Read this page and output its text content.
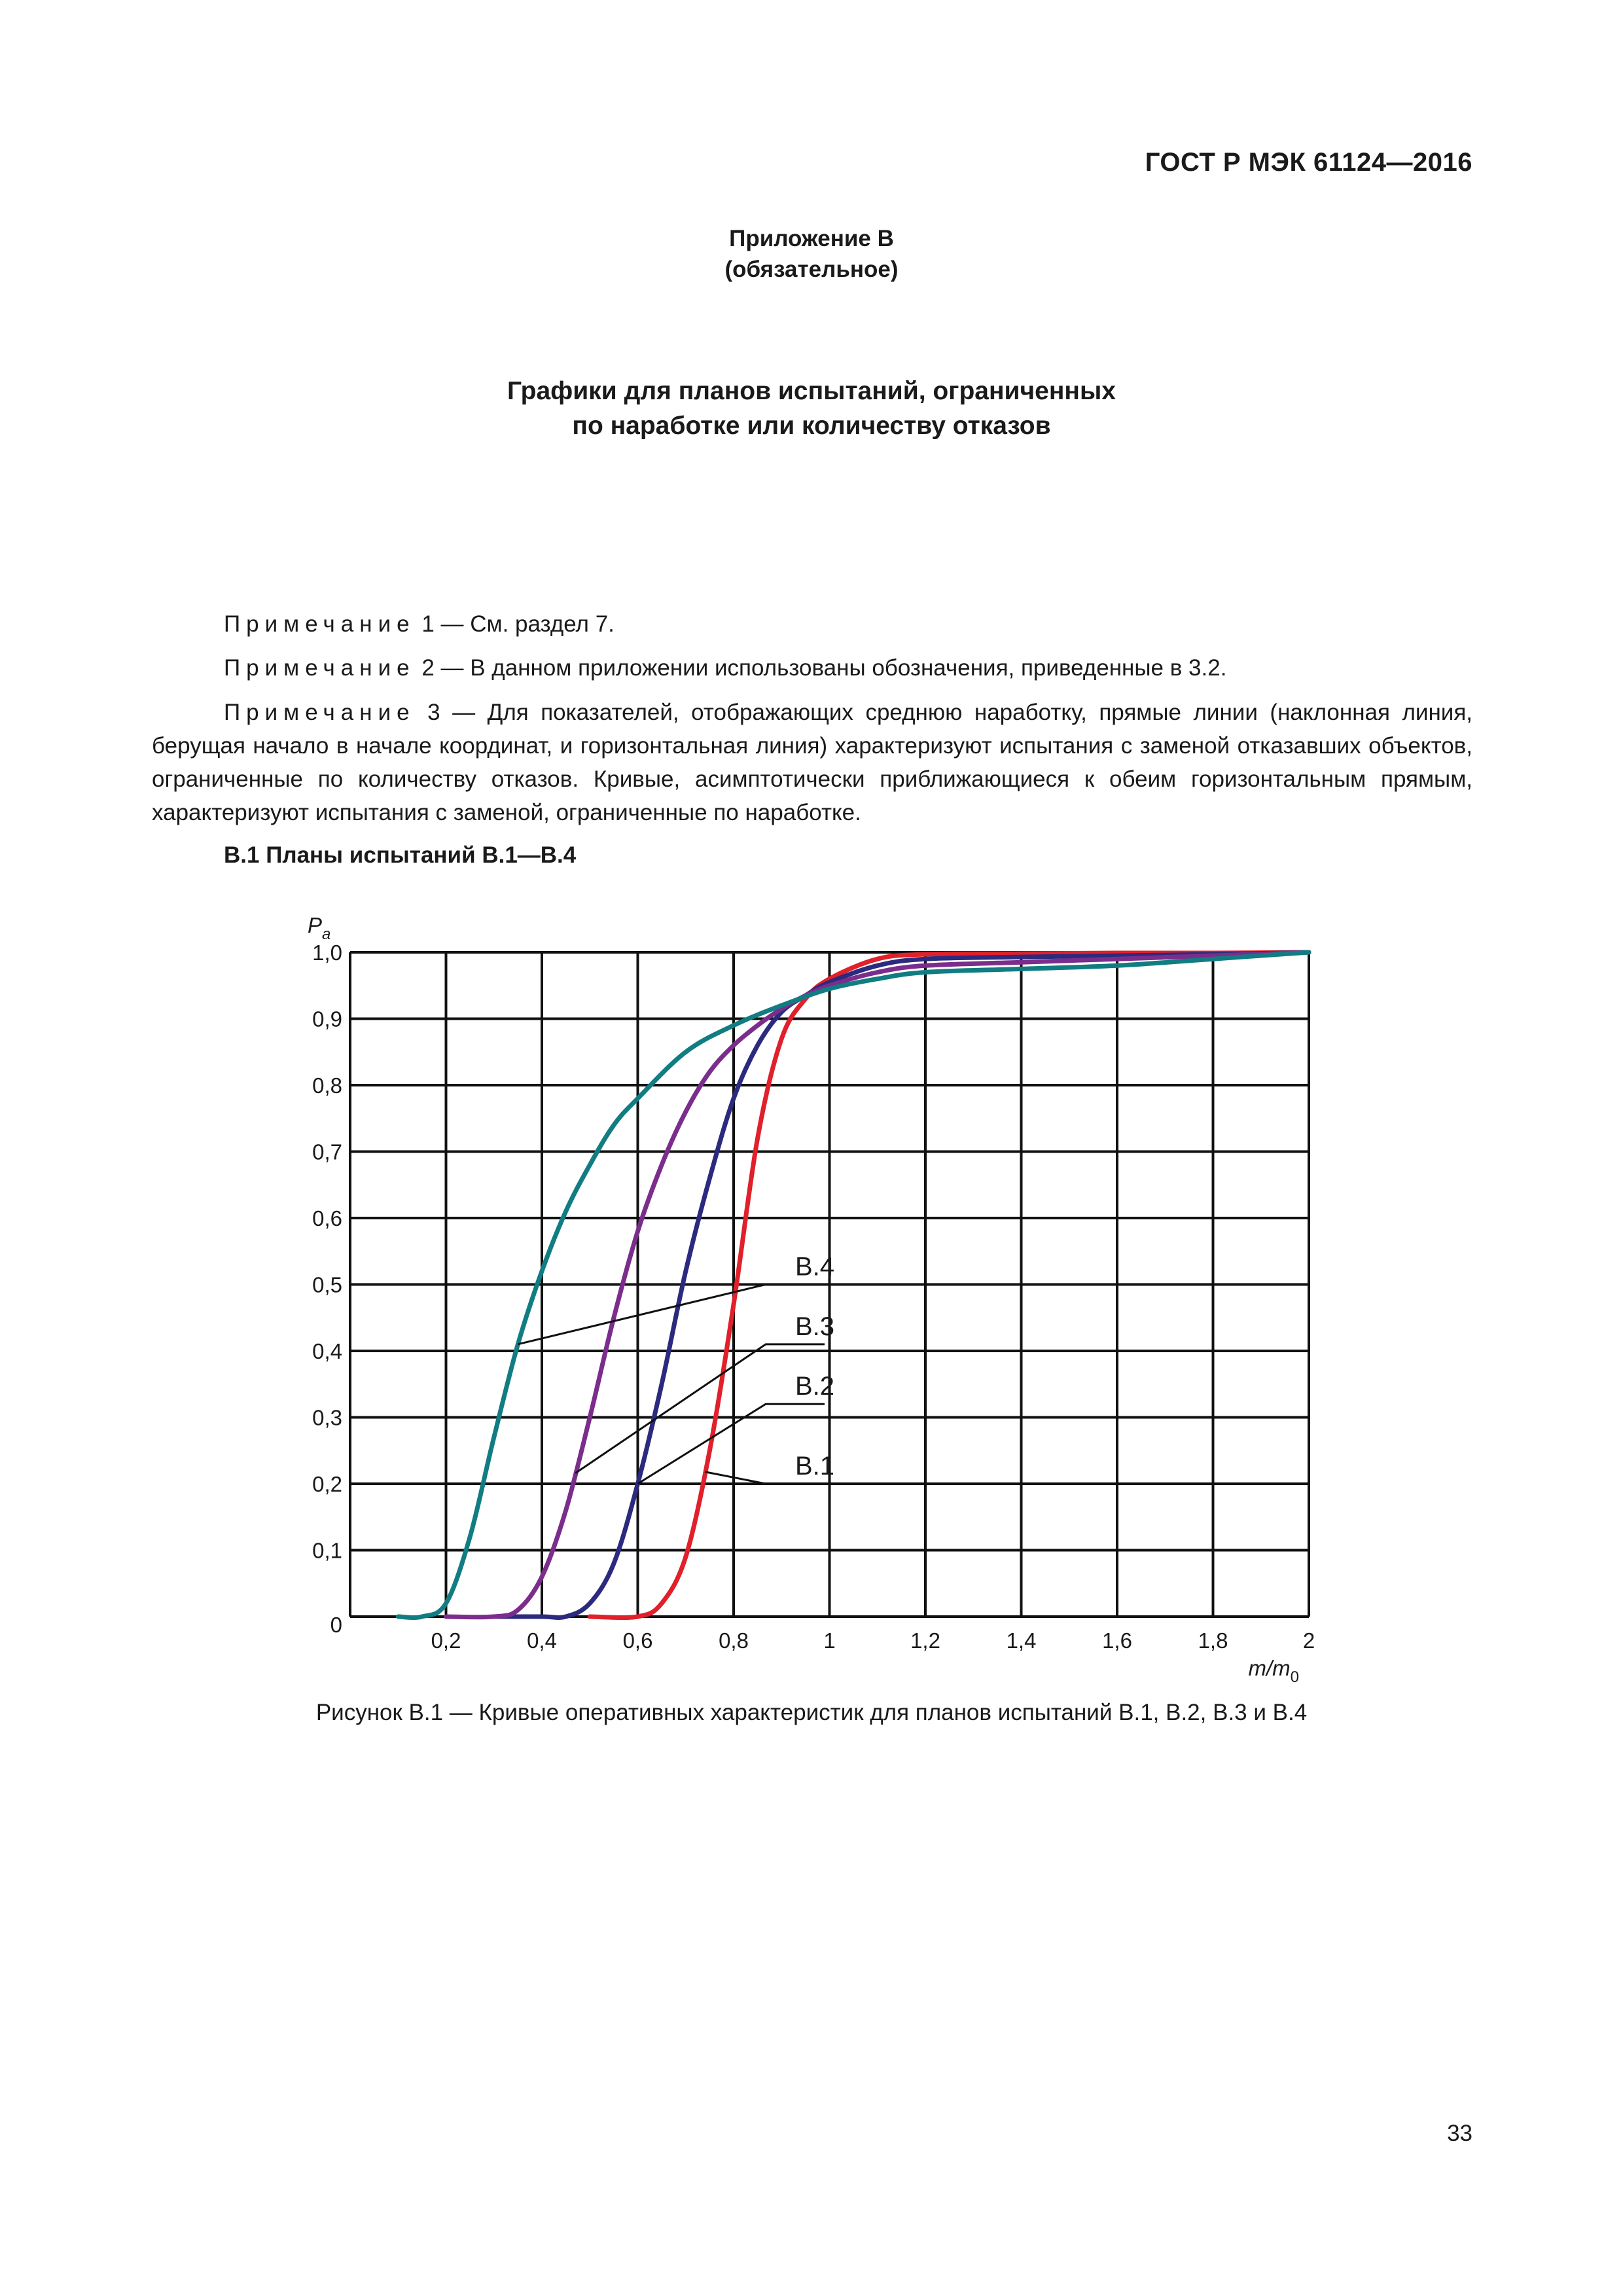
ГОСТ Р МЭК 61124—2016
Приложение В
(обязательное)
Графики для планов испытаний, ограниченных
по наработке или количеству отказов
Примечание 1 — См. раздел 7.
Примечание 2 — В данном приложении использованы обозначения, приведенные в 3.2.
Примечание 3 — Для показателей, отображающих среднюю наработку, прямые линии (наклонная линия, берущая начало в начале координат, и горизонтальная линия) характеризуют испытания с заменой отказавших объектов, ограниченные по количеству отказов. Кривые, асимптотически приближающиеся к обеим горизонтальным прямым, характеризуют испытания с заменой, ограниченные по наработке.
В.1 Планы испытаний В.1—В.4
В.4
В.3
В.2
В.1
0
0,1
0,2
0,3
0,4
0,5
0,6
0,7
0,8
0,9
1,0
0,2	0,4	0,6	0,8	1	1,2	1,4	1,6	1,8	2
$P_a$
$m/m_0$
Рисунок В.1 — Кривые оперативных характеристик для планов испытаний В.1, В.2, В.3 и В.4
33
